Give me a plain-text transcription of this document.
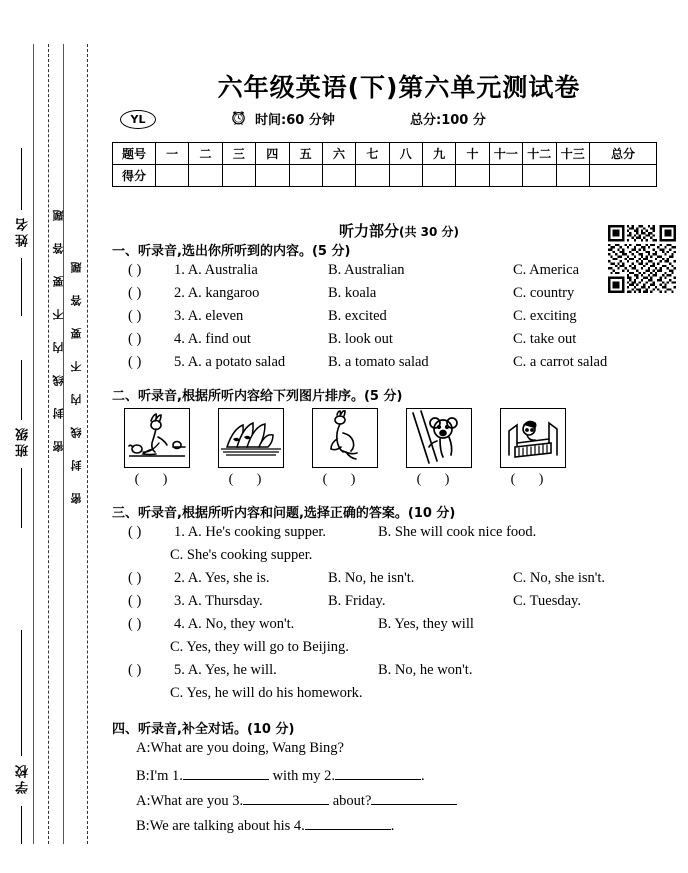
姓名
班级
学校
密封线内不要答题 密封线内不要答题
六年级英语(下)第六单元测试卷
YL	时间:60 分钟	总分:100 分
题号	一	二	三	四	五	六	七	八	九	十	十一	十二	十三	总分
得分														
听力部分(共 30 分)
一、听录音,选出你所听到的内容。(5 分)
( ) 1. A. Australia	B. Australian	C. America
( ) 2. A. kangaroo	B. koala	C. country
( ) 3. A. eleven	B. excited	C. exciting
( ) 4. A. find out	B. look out	C. take out
( ) 5. A. a potato salad	B. a tomato salad	C. a carrot salad
二、听录音,根据所听内容给下列图片排序。(5 分)
( )	( )	( )	( )	( )
三、听录音,根据所听内容和问题,选择正确的答案。(10 分)
( ) 1. A. He's cooking supper.	B. She will cook nice food.
C. She's cooking supper.
( ) 2. A. Yes, she is.	B. No, he isn't.	C. No, she isn't.
( ) 3. A. Thursday.	B. Friday.	C. Tuesday.
( ) 4. A. No, they won't.	B. Yes, they will
C. Yes, they will go to Beijing.
( ) 5. A. Yes, he will.	B. No, he won't.
C. Yes, he will do his homework.
四、听录音,补全对话。(10 分)
A:What are you doing, Wang Bing?
B:I'm 1.	with my 2.	.
A:What are you 3.	about?
B:We are talking about his 4.	.
